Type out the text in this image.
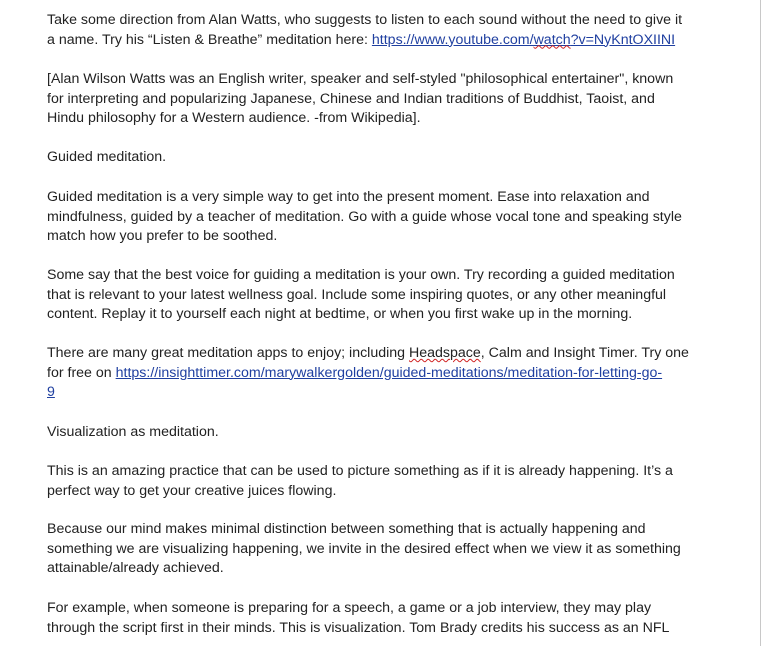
Take some direction from Alan Watts, who suggests to listen to each sound without the need to give it
a name. Try his “Listen & Breathe” meditation here: https://www.youtube.com/watch?v=NyKntOXIINI

[Alan Wilson Watts was an English writer, speaker and self-styled "philosophical entertainer", known
for interpreting and popularizing Japanese, Chinese and Indian traditions of Buddhist, Taoist, and
Hindu philosophy for a Western audience. -from Wikipedia].

Guided meditation.

Guided meditation is a very simple way to get into the present moment. Ease into relaxation and
mindfulness, guided by a teacher of meditation. Go with a guide whose vocal tone and speaking style
match how you prefer to be soothed.

Some say that the best voice for guiding a meditation is your own. Try recording a guided meditation
that is relevant to your latest wellness goal. Include some inspiring quotes, or any other meaningful
content. Replay it to yourself each night at bedtime, or when you first wake up in the morning.

There are many great meditation apps to enjoy; including Headspace, Calm and Insight Timer. Try one
for free on https://insighttimer.com/marywalkergolden/guided-meditations/meditation-for-letting-go-
9

Visualization as meditation.

This is an amazing practice that can be used to picture something as if it is already happening. It’s a
perfect way to get your creative juices flowing.

Because our mind makes minimal distinction between something that is actually happening and
something we are visualizing happening, we invite in the desired effect when we view it as something
attainable/already achieved.

For example, when someone is preparing for a speech, a game or a job interview, they may play
through the script first in their minds. This is visualization. Tom Brady credits his success as an NFL
